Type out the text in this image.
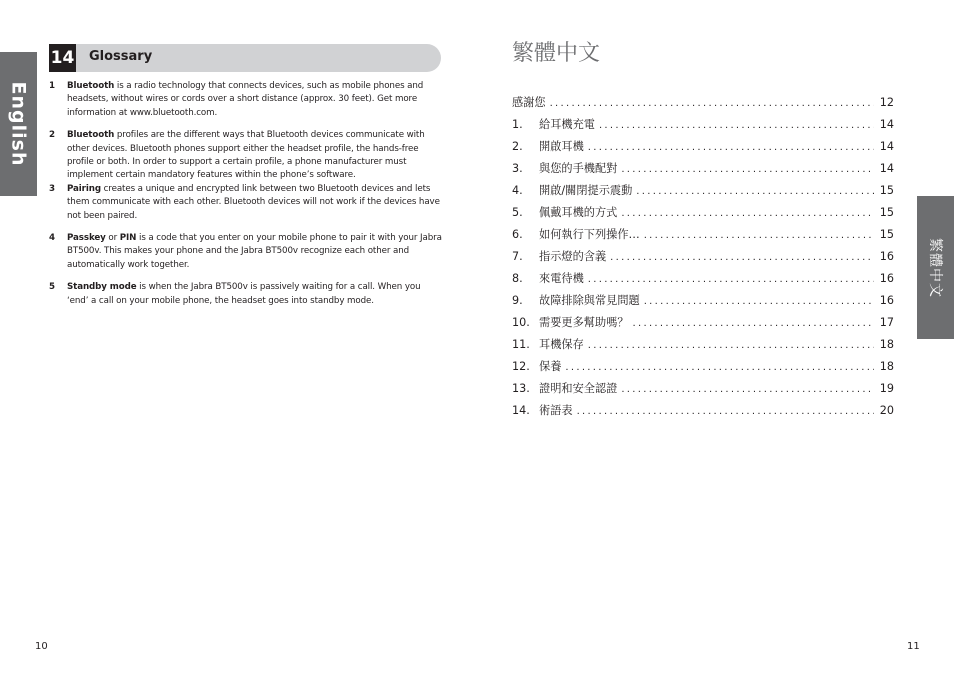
English
繁體中文
14 Glossary
1 Bluetooth is a radio technology that connects devices, such as mobile phones and headsets, without wires or cords over a short distance (approx. 30 feet). Get more information at www.bluetooth.com.
2 Bluetooth profiles are the different ways that Bluetooth devices communicate with other devices. Bluetooth phones support either the headset profile, the hands-free profile or both. In order to support a certain profile, a phone manufacturer must implement certain mandatory features within the phone’s software.
3 Pairing creates a unique and encrypted link between two Bluetooth devices and lets them communicate with each other. Bluetooth devices will not work if the devices have not been paired.
4 Passkey or PIN is a code that you enter on your mobile phone to pair it with your Jabra BT500v. This makes your phone and the Jabra BT500v recognize each other and automatically work together.
5 Standby mode is when the Jabra BT500v is passively waiting for a call. When you ‘end’ a call on your mobile phone, the headset goes into standby mode.
繁體中文
感謝您 .....	12
1.	給耳機充電 .....	14
2.	開啟耳機 .....	14
3.	與您的手機配對 .....	14
4.	開啟/關閉提示震動 .....	15
5.	佩戴耳機的方式 .....	15
6.	如何執行下列操作… .....	15
7.	指示燈的含義 .....	16
8.	來電待機 .....	16
9.	故障排除與常見問題 .....	16
10. 需要更多幫助嗎？ .....	17
11. 耳機保存 .....	18
12. 保養 .....	18
13. 證明和安全認證 .....	19
14. 術語表 .....	20
10	11
